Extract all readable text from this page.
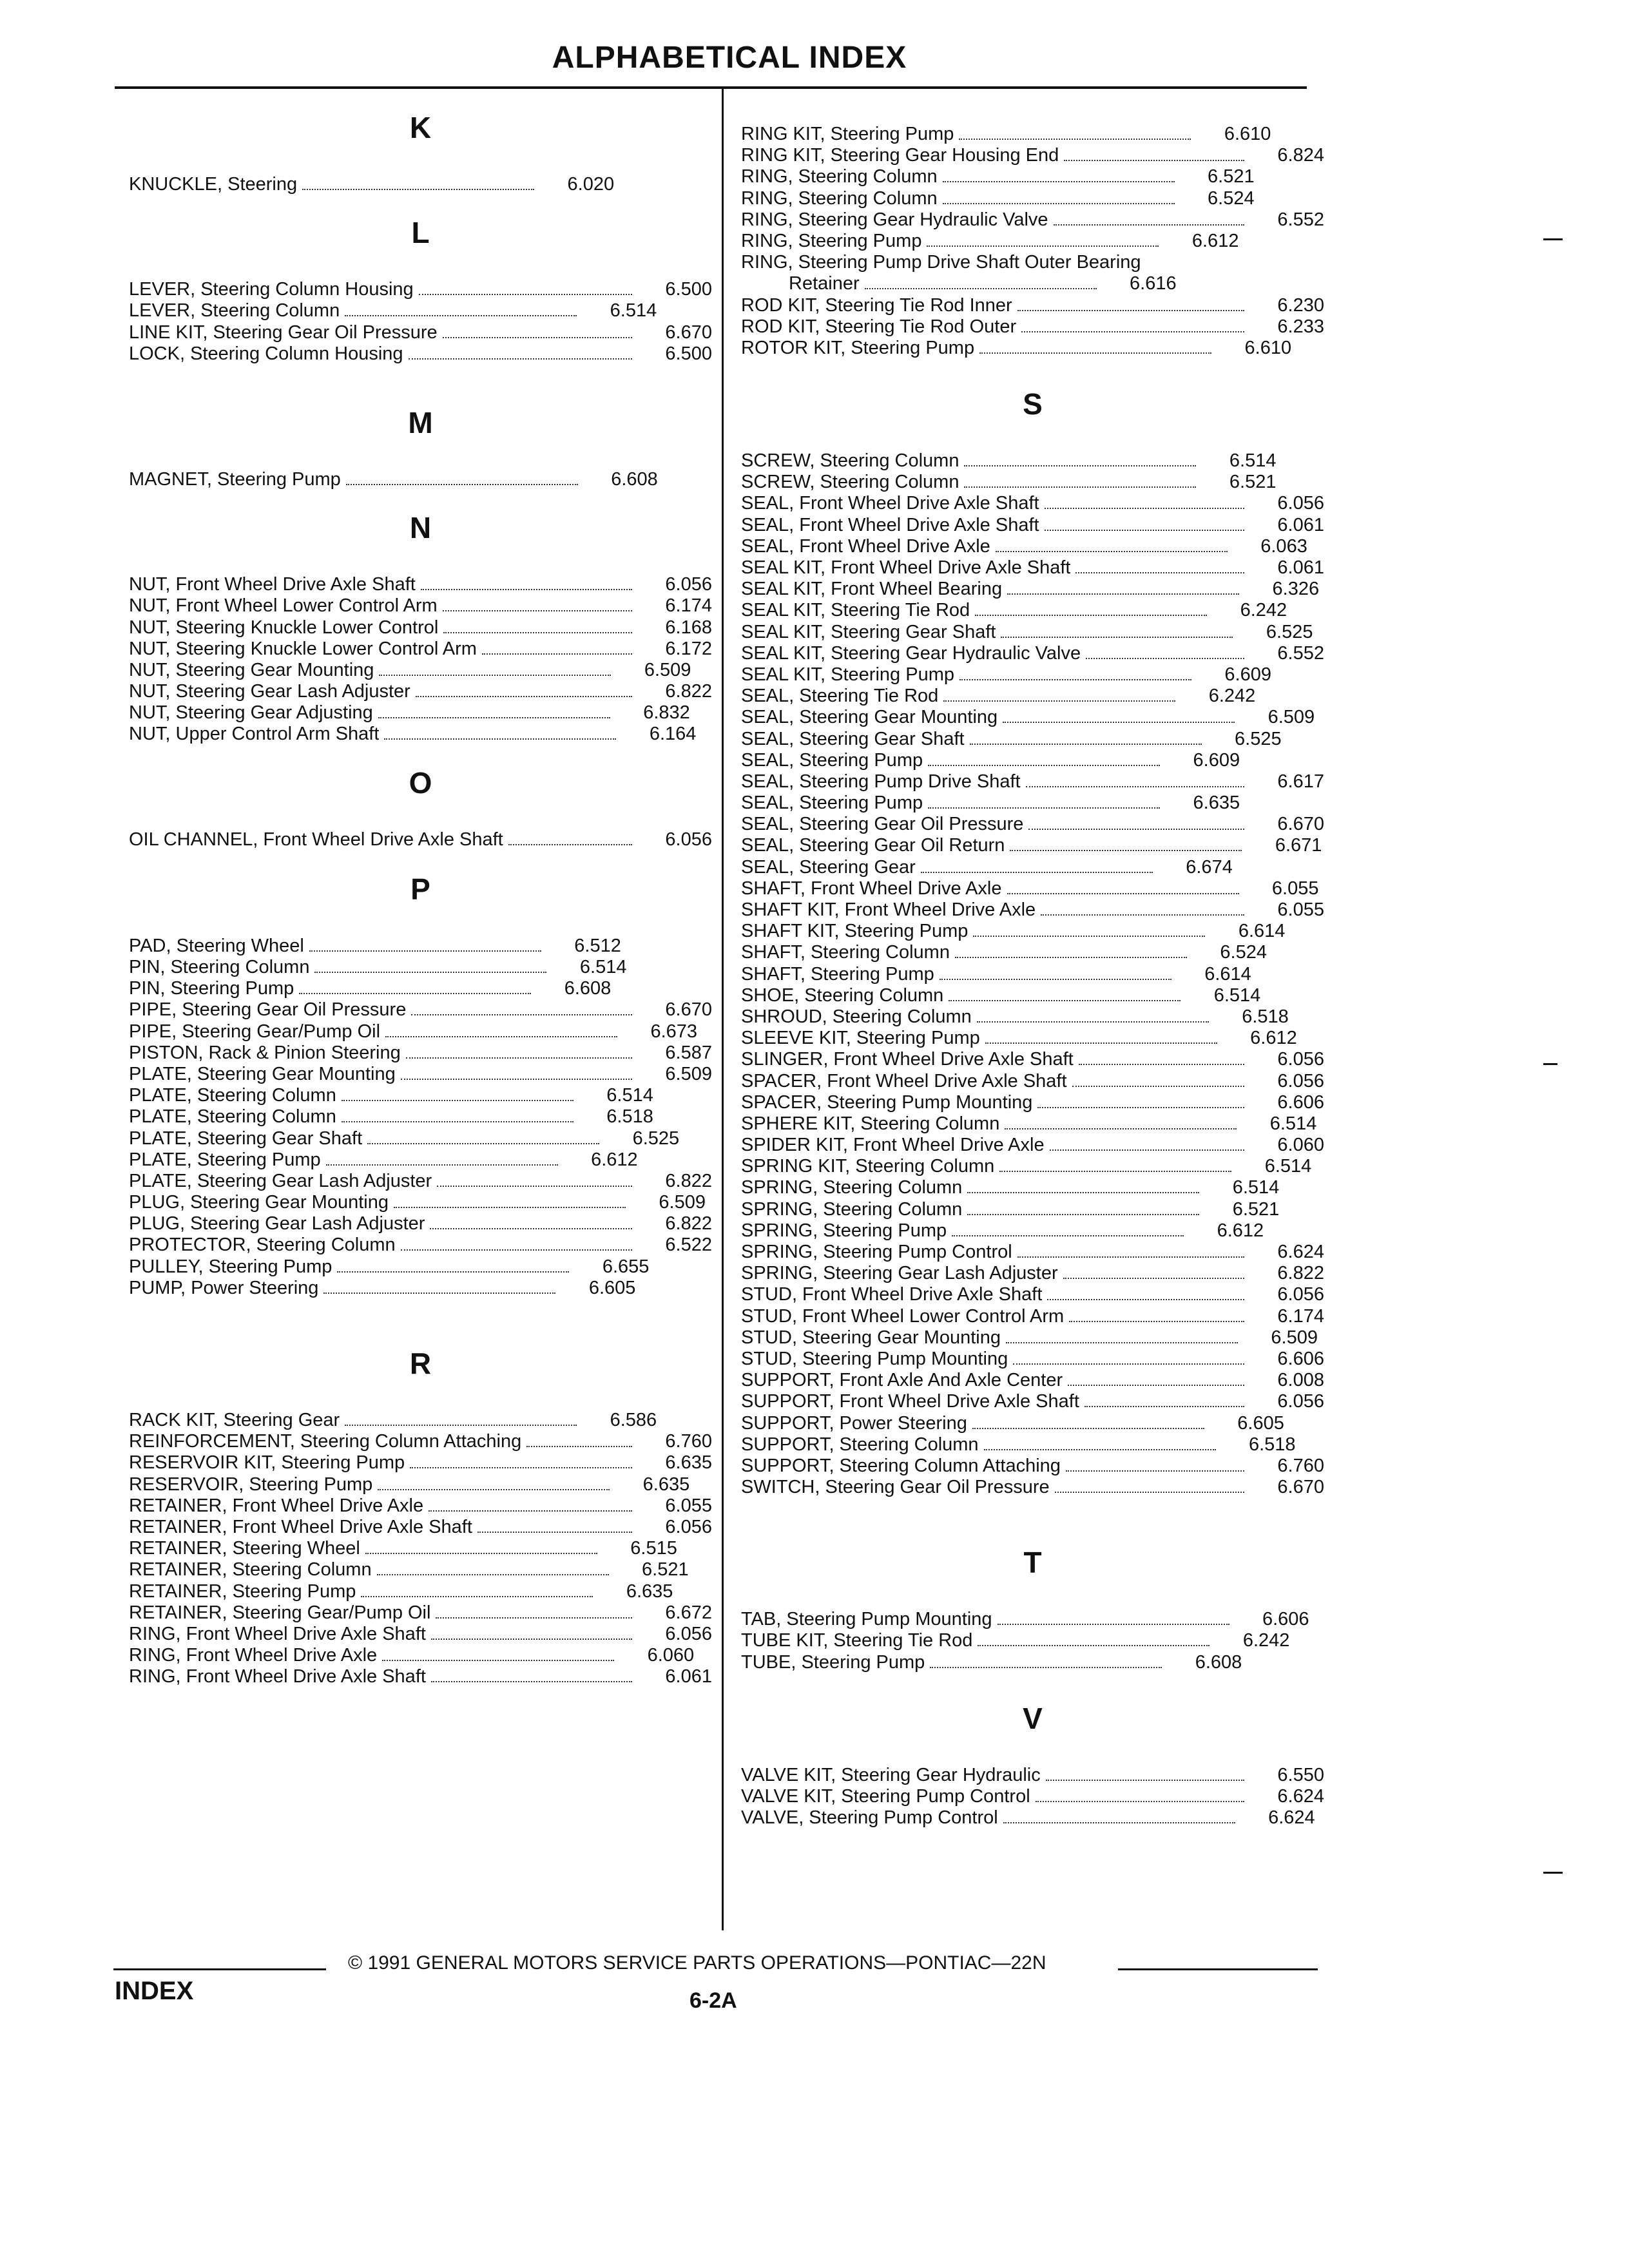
ALPHABETICAL INDEX
K
KNUCKLE, Steering	6.020
L
LEVER, Steering Column Housing	6.500
LEVER, Steering Column	6.514
LINE KIT, Steering Gear Oil Pressure	6.670
LOCK, Steering Column Housing	6.500
M
MAGNET, Steering Pump	6.608
N
NUT, Front Wheel Drive Axle Shaft	6.056
NUT, Front Wheel Lower Control Arm	6.174
NUT, Steering Knuckle Lower Control	6.168
NUT, Steering Knuckle Lower Control Arm	6.172
NUT, Steering Gear Mounting	6.509
NUT, Steering Gear Lash Adjuster	6.822
NUT, Steering Gear Adjusting	6.832
NUT, Upper Control Arm Shaft	6.164
O
OIL CHANNEL, Front Wheel Drive Axle Shaft	6.056
P
PAD, Steering Wheel	6.512
PIN, Steering Column	6.514
PIN, Steering Pump	6.608
PIPE, Steering Gear Oil Pressure	6.670
PIPE, Steering Gear/Pump Oil	6.673
PISTON, Rack & Pinion Steering	6.587
PLATE, Steering Gear Mounting	6.509
PLATE, Steering Column	6.514
PLATE, Steering Column	6.518
PLATE, Steering Gear Shaft	6.525
PLATE, Steering Pump	6.612
PLATE, Steering Gear Lash Adjuster	6.822
PLUG, Steering Gear Mounting	6.509
PLUG, Steering Gear Lash Adjuster	6.822
PROTECTOR, Steering Column	6.522
PULLEY, Steering Pump	6.655
PUMP, Power Steering	6.605
R
RACK KIT, Steering Gear	6.586
REINFORCEMENT, Steering Column Attaching	6.760
RESERVOIR KIT, Steering Pump	6.635
RESERVOIR, Steering Pump	6.635
RETAINER, Front Wheel Drive Axle	6.055
RETAINER, Front Wheel Drive Axle Shaft	6.056
RETAINER, Steering Wheel	6.515
RETAINER, Steering Column	6.521
RETAINER, Steering Pump	6.635
RETAINER, Steering Gear/Pump Oil	6.672
RING, Front Wheel Drive Axle Shaft	6.056
RING, Front Wheel Drive Axle	6.060
RING, Front Wheel Drive Axle Shaft	6.061
RING KIT, Steering Pump	6.610
RING KIT, Steering Gear Housing End	6.824
RING, Steering Column	6.521
RING, Steering Column	6.524
RING, Steering Gear Hydraulic Valve	6.552
RING, Steering Pump	6.612
RING, Steering Pump Drive Shaft Outer Bearing
Retainer	6.616
ROD KIT, Steering Tie Rod Inner	6.230
ROD KIT, Steering Tie Rod Outer	6.233
ROTOR KIT, Steering Pump	6.610
S
SCREW, Steering Column	6.514
SCREW, Steering Column	6.521
SEAL, Front Wheel Drive Axle Shaft	6.056
SEAL, Front Wheel Drive Axle Shaft	6.061
SEAL, Front Wheel Drive Axle	6.063
SEAL KIT, Front Wheel Drive Axle Shaft	6.061
SEAL KIT, Front Wheel Bearing	6.326
SEAL KIT, Steering Tie Rod	6.242
SEAL KIT, Steering Gear Shaft	6.525
SEAL KIT, Steering Gear Hydraulic Valve	6.552
SEAL KIT, Steering Pump	6.609
SEAL, Steering Tie Rod	6.242
SEAL, Steering Gear Mounting	6.509
SEAL, Steering Gear Shaft	6.525
SEAL, Steering Pump	6.609
SEAL, Steering Pump Drive Shaft	6.617
SEAL, Steering Pump	6.635
SEAL, Steering Gear Oil Pressure	6.670
SEAL, Steering Gear Oil Return	6.671
SEAL, Steering Gear	6.674
SHAFT, Front Wheel Drive Axle	6.055
SHAFT KIT, Front Wheel Drive Axle	6.055
SHAFT KIT, Steering Pump	6.614
SHAFT, Steering Column	6.524
SHAFT, Steering Pump	6.614
SHOE, Steering Column	6.514
SHROUD, Steering Column	6.518
SLEEVE KIT, Steering Pump	6.612
SLINGER, Front Wheel Drive Axle Shaft	6.056
SPACER, Front Wheel Drive Axle Shaft	6.056
SPACER, Steering Pump Mounting	6.606
SPHERE KIT, Steering Column	6.514
SPIDER KIT, Front Wheel Drive Axle	6.060
SPRING KIT, Steering Column	6.514
SPRING, Steering Column	6.514
SPRING, Steering Column	6.521
SPRING, Steering Pump	6.612
SPRING, Steering Pump Control	6.624
SPRING, Steering Gear Lash Adjuster	6.822
STUD, Front Wheel Drive Axle Shaft	6.056
STUD, Front Wheel Lower Control Arm	6.174
STUD, Steering Gear Mounting	6.509
STUD, Steering Pump Mounting	6.606
SUPPORT, Front Axle And Axle Center	6.008
SUPPORT, Front Wheel Drive Axle Shaft	6.056
SUPPORT, Power Steering	6.605
SUPPORT, Steering Column	6.518
SUPPORT, Steering Column Attaching	6.760
SWITCH, Steering Gear Oil Pressure	6.670
T
TAB, Steering Pump Mounting	6.606
TUBE KIT, Steering Tie Rod	6.242
TUBE, Steering Pump	6.608
V
VALVE KIT, Steering Gear Hydraulic	6.550
VALVE KIT, Steering Pump Control	6.624
VALVE, Steering Pump Control	6.624
© 1991 GENERAL MOTORS SERVICE PARTS OPERATIONS—PONTIAC—22N
INDEX	6-2A
